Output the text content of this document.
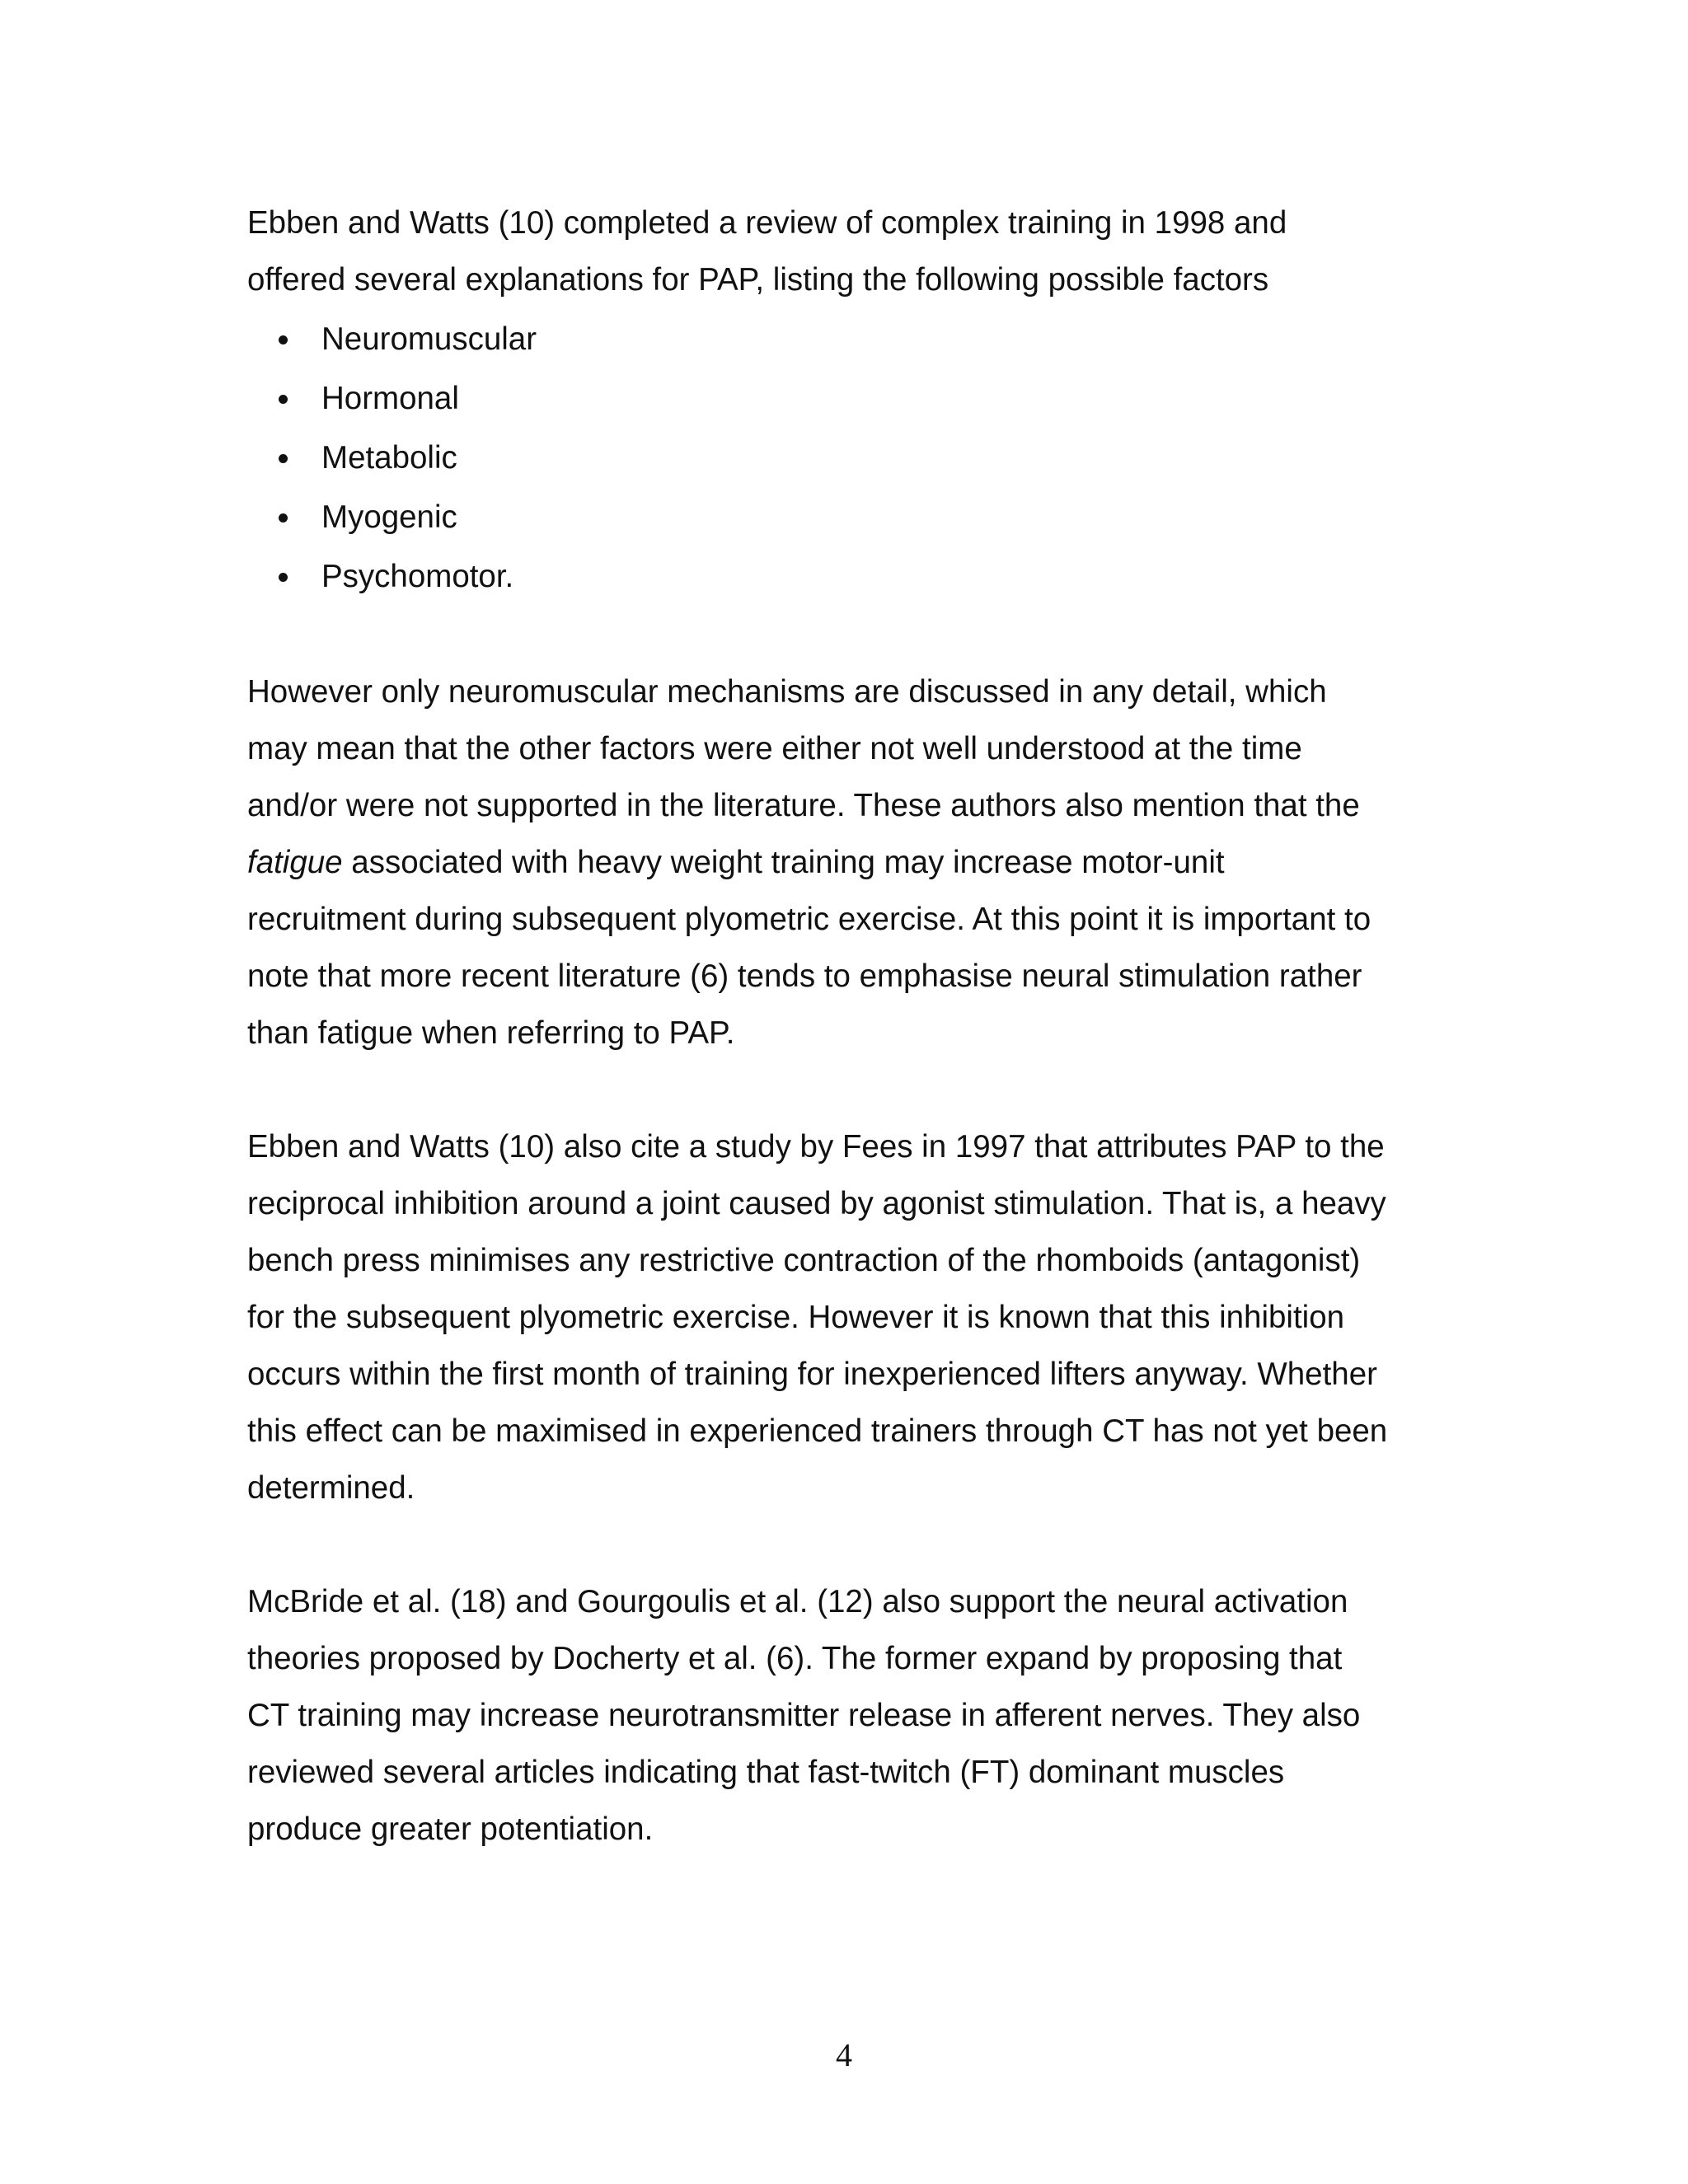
Ebben and Watts (10) completed a review of complex training in 1998 and
offered several explanations for PAP, listing the following possible factors
Neuromuscular
Hormonal
Metabolic
Myogenic
Psychomotor.
However only neuromuscular mechanisms are discussed in any detail, which
may mean that the other factors were either not well understood at the time
and/or were not supported in the literature. These authors also mention that the
fatigue associated with heavy weight training may increase motor-unit
recruitment during subsequent plyometric exercise. At this point it is important to
note that more recent literature (6) tends to emphasise neural stimulation rather
than fatigue when referring to PAP.
Ebben and Watts (10) also cite a study by Fees in 1997 that attributes PAP to the
reciprocal inhibition around a joint caused by agonist stimulation. That is, a heavy
bench press minimises any restrictive contraction of the rhomboids (antagonist)
for the subsequent plyometric exercise. However it is known that this inhibition
occurs within the first month of training for inexperienced lifters anyway. Whether
this effect can be maximised in experienced trainers through CT has not yet been
determined.
McBride et al. (18) and Gourgoulis et al. (12) also support the neural activation
theories proposed by Docherty et al. (6). The former expand by proposing that
CT training may increase neurotransmitter release in afferent nerves. They also
reviewed several articles indicating that fast-twitch (FT) dominant muscles
produce greater potentiation.
4
